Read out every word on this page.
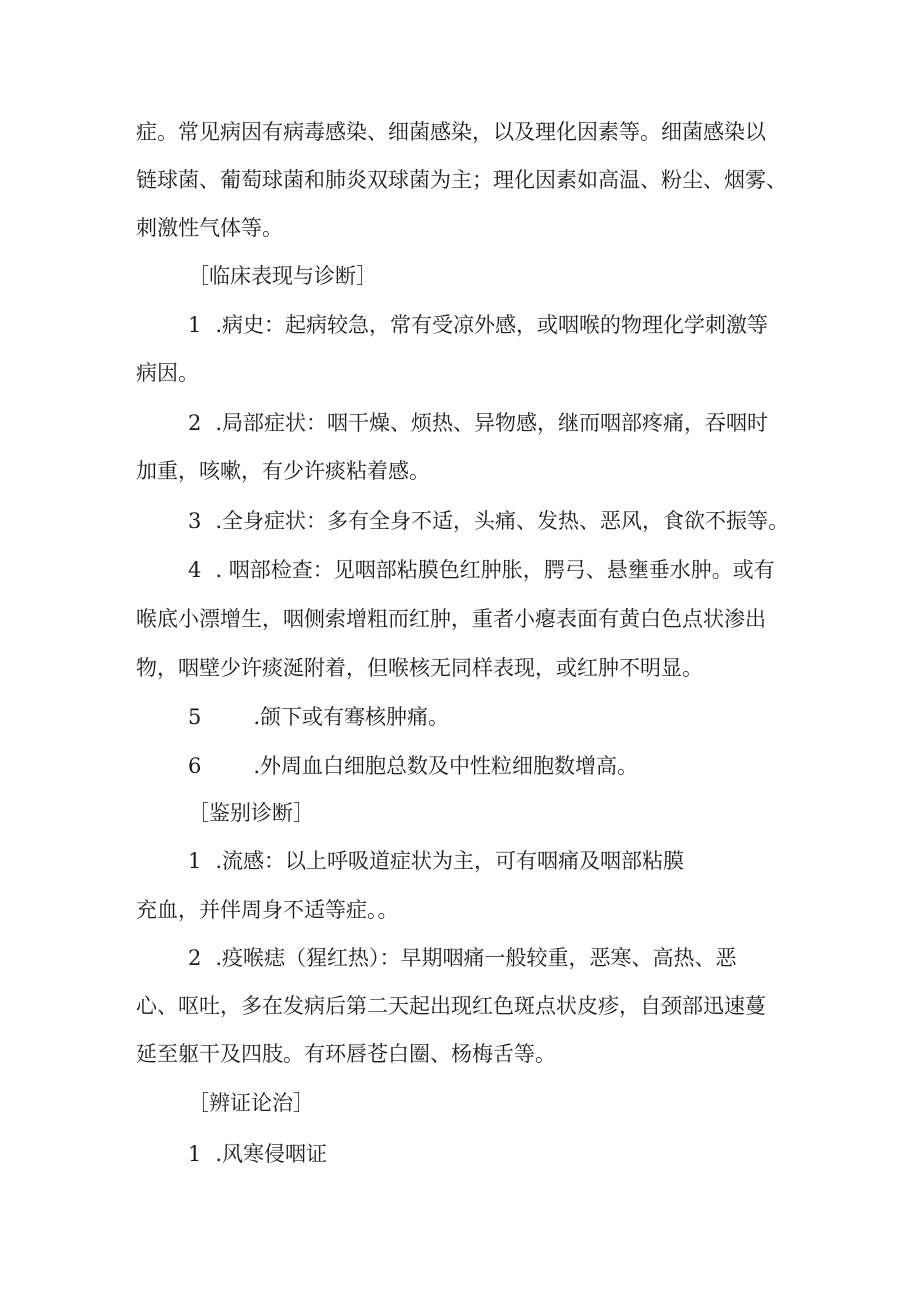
症。常见病因有病毒感染、细菌感染，以及理化因素等。细菌感染以

链球菌、葡萄球菌和肺炎双球菌为主；理化因素如高温、粉尘、烟雾、

刺激性气体等。

［临床表现与诊断］

1 .病史：起病较急，常有受凉外感，或咽喉的物理化学刺激等

病因。

2 .局部症状：咽干燥、烦热、异物感，继而咽部疼痛，吞咽时

加重，咳嗽，有少许痰粘着感。

3 .全身症状：多有全身不适，头痛、发热、恶风，食欲不振等。

4 . 咽部检查：见咽部粘膜色红肿胀，腭弓、悬壅垂水肿。或有

喉底小漂增生，咽侧索增粗而红肿，重者小瘪表面有黄白色点状渗出

物，咽壁少许痰涎附着，但喉核无同样表现，或红肿不明显。

5 .颌下或有骞核肿痛。

6 .外周血白细胞总数及中性粒细胞数增高。

［鉴别诊断］

1 .流感：以上呼吸道症状为主，可有咽痛及咽部粘膜

充血，并伴周身不适等症。。

2 .疫喉痣（猩红热）：早期咽痛一般较重，恶寒、高热、恶

心、呕吐，多在发病后第二天起出现红色斑点状皮疹，自颈部迅速蔓

延至躯干及四肢。有环唇苍白圈、杨梅舌等。

［辨证论治］

1 .风寒侵咽证
